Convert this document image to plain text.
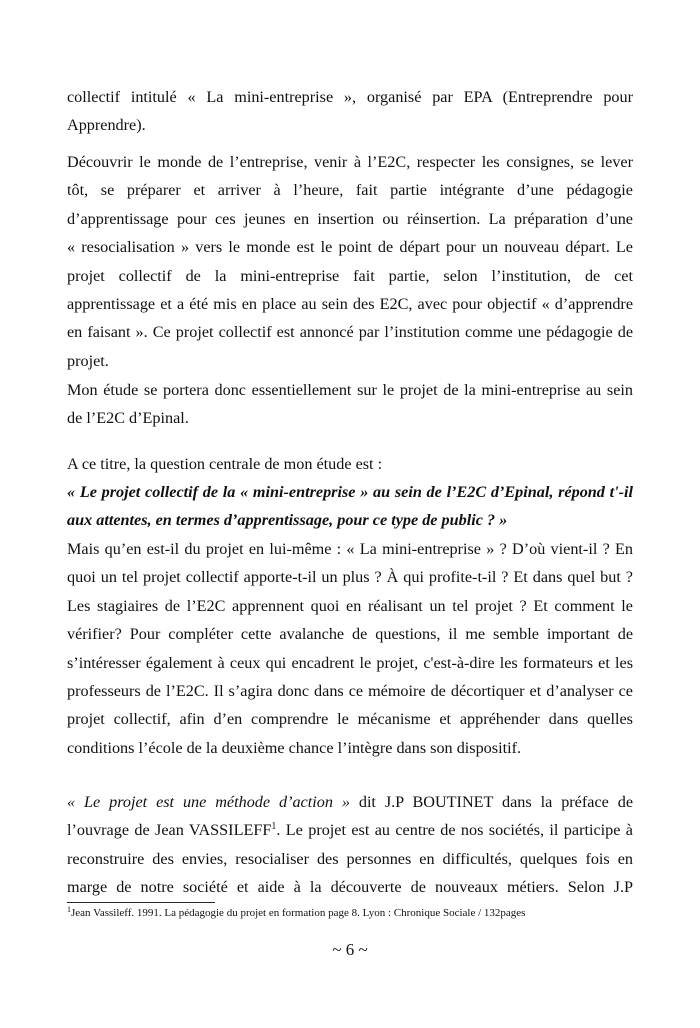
collectif intitulé « La mini-entreprise », organisé par EPA (Entreprendre pour
Apprendre).

Découvrir le monde de l’entreprise, venir à l’E2C, respecter les consignes, se lever
tôt, se préparer et arriver à l’heure, fait partie intégrante d’une pédagogie
d’apprentissage pour ces jeunes en insertion ou réinsertion. La préparation d’une
« resocialisation » vers le monde est le point de départ pour un nouveau départ. Le
projet collectif de la mini-entreprise fait partie, selon l’institution, de cet
apprentissage et a été mis en place au sein des E2C, avec pour objectif « d’apprendre
en faisant ». Ce projet collectif est annoncé par l’institution comme une pédagogie de
projet.

Mon étude se portera donc essentiellement sur le projet de la mini-entreprise au sein
de l’E2C d’Epinal.

A ce titre, la question centrale de mon étude est :

« Le projet collectif de la « mini-entreprise » au sein de l’E2C d’Epinal, répond t'-il
aux attentes, en termes d’apprentissage, pour ce type de public ? »

Mais qu’en est-il du projet en lui-même : « La mini-entreprise » ? D’où vient-il ? En
quoi un tel projet collectif apporte-t-il un plus ? À qui profite-t-il ? Et dans quel but ?
Les stagiaires de l’E2C apprennent quoi en réalisant un tel projet ? Et comment le
vérifier? Pour compléter cette avalanche de questions, il me semble important de
s’intéresser également à ceux qui encadrent le projet, c'est-à-dire les formateurs et les
professeurs de l’E2C. Il s’agira donc dans ce mémoire de décortiquer et d’analyser ce
projet collectif, afin d’en comprendre le mécanisme et appréhender dans quelles
conditions l’école de la deuxième chance l’intègre dans son dispositif.

« Le projet est une méthode d’action » dit J.P BOUTINET dans la préface de
l’ouvrage de Jean VASSILEFF$^1$. Le projet est au centre de nos sociétés, il participe à
reconstruire des envies, resocialiser des personnes en difficultés, quelques fois en
marge de notre société et aide à la découverte de nouveaux métiers. Selon J.P

$^1$Jean Vassileff. 1991. La pédagogie du projet en formation page 8. Lyon : Chronique Sociale / 132pages
~ 6 ~
